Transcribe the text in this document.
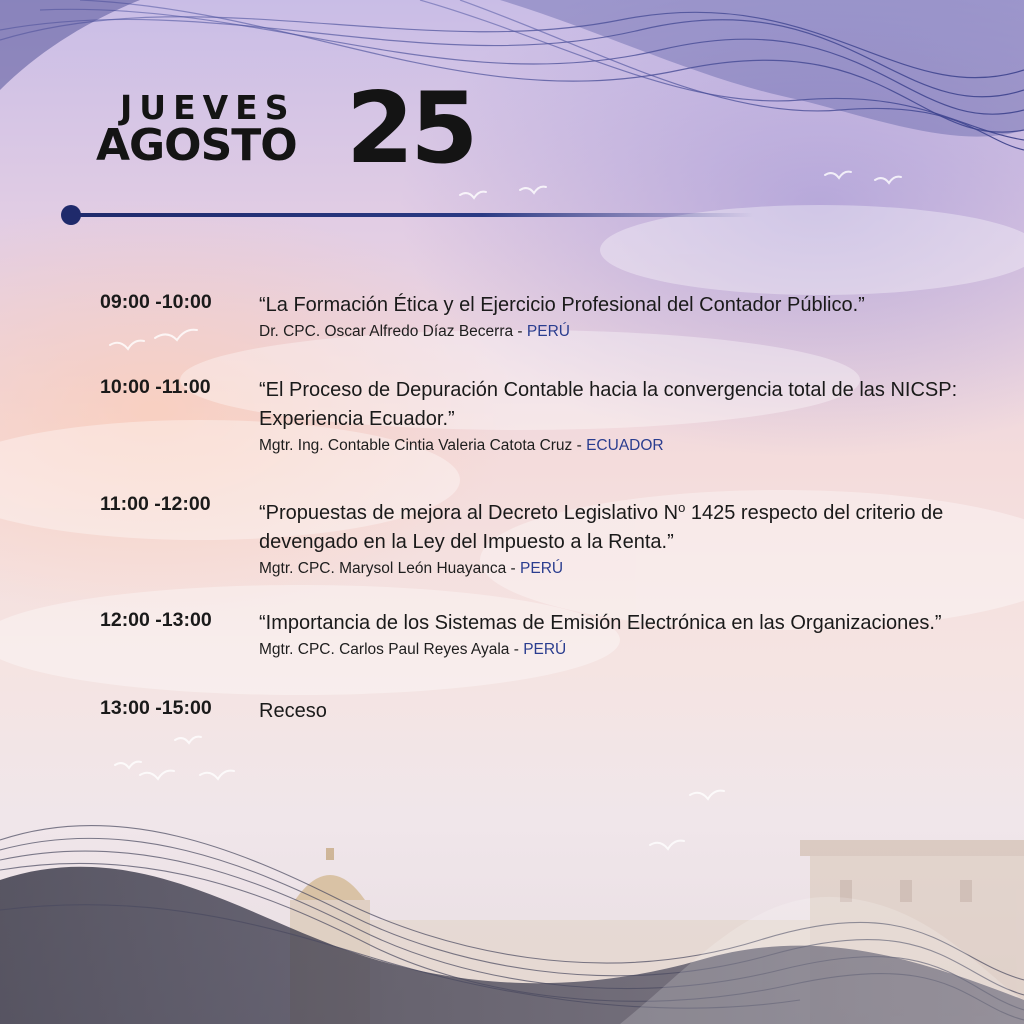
JUEVES
AGOSTO 25
09:00 -10:00	“La Formación Ética y el Ejercicio Profesional del Contador Público.”
Dr. CPC. Oscar Alfredo Díaz Becerra - PERÚ
10:00 -11:00	“El Proceso de Depuración Contable hacia la convergencia total de las NICSP: Experiencia Ecuador.”
Mgtr. Ing. Contable Cintia Valeria Catota Cruz - ECUADOR
11:00 -12:00	“Propuestas de mejora al Decreto Legislativo $N^o$ 1425 respecto del criterio de devengado en la Ley del Impuesto a la Renta.”
Mgtr. CPC. Marysol León Huayanca - PERÚ
12:00 -13:00	“Importancia de los Sistemas de Emisión Electrónica en las Organizaciones.”
Mgtr. CPC. Carlos Paul Reyes Ayala - PERÚ
13:00 -15:00	Receso
